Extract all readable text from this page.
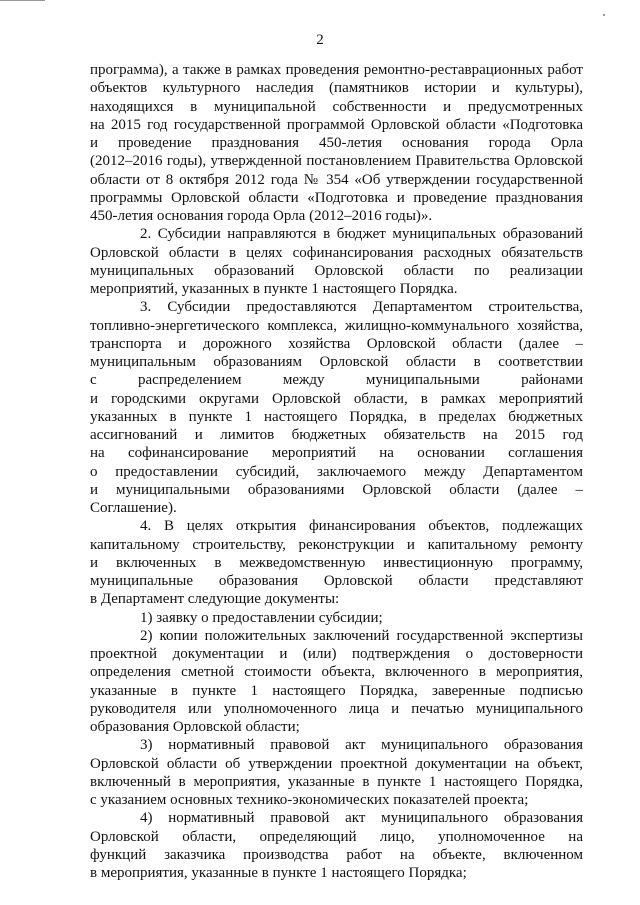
2
программа), а также в рамках проведения ремонтно-реставрационных работ
объектов культурного наследия (памятников истории и культуры),
находящихся в муниципальной собственности и предусмотренных
на 2015 год государственной программой Орловской области «Подготовка
и проведение празднования 450-летия основания города Орла
(2012–2016 годы), утвержденной постановлением Правительства Орловской
области от 8 октября 2012 года № 354 «Об утверждении государственной
программы Орловской области «Подготовка и проведение празднования
450-летия основания города Орла (2012–2016 годы)».
2. Субсидии направляются в бюджет муниципальных образований
Орловской области в целях софинансирования расходных обязательств
муниципальных образований Орловской области по реализации
мероприятий, указанных в пункте 1 настоящего Порядка.
3. Субсидии предоставляются Департаментом строительства,
топливно-энергетического комплекса, жилищно-коммунального хозяйства,
транспорта и дорожного хозяйства Орловской области (далее –
муниципальным образованиям Орловской области в соответствии
с распределением между муниципальными районами
и городскими округами Орловской области, в рамках мероприятий
указанных в пункте 1 настоящего Порядка, в пределах бюджетных
ассигнований и лимитов бюджетных обязательств на 2015 год
на софинансирование мероприятий на основании соглашения
о предоставлении субсидий, заключаемого между Департаментом
и муниципальными образованиями Орловской области (далее –
Соглашение).
4. В целях открытия финансирования объектов, подлежащих
капитальному строительству, реконструкции и капитальному ремонту
и включенных в межведомственную инвестиционную программу,
муниципальные образования Орловской области представляют
в Департамент следующие документы:
1) заявку о предоставлении субсидии;
2) копии положительных заключений государственной экспертизы
проектной документации и (или) подтверждения о достоверности
определения сметной стоимости объекта, включенного в мероприятия,
указанные в пункте 1 настоящего Порядка, заверенные подписью
руководителя или уполномоченного лица и печатью муниципального
образования Орловской области;
3) нормативный правовой акт муниципального образования
Орловской области об утверждении проектной документации на объект,
включенный в мероприятия, указанные в пункте 1 настоящего Порядка,
с указанием основных технико-экономических показателей проекта;
4) нормативный правовой акт муниципального образования
Орловской области, определяющий лицо, уполномоченное на
функций заказчика производства работ на объекте, включенном
в мероприятия, указанные в пункте 1 настоящего Порядка;
